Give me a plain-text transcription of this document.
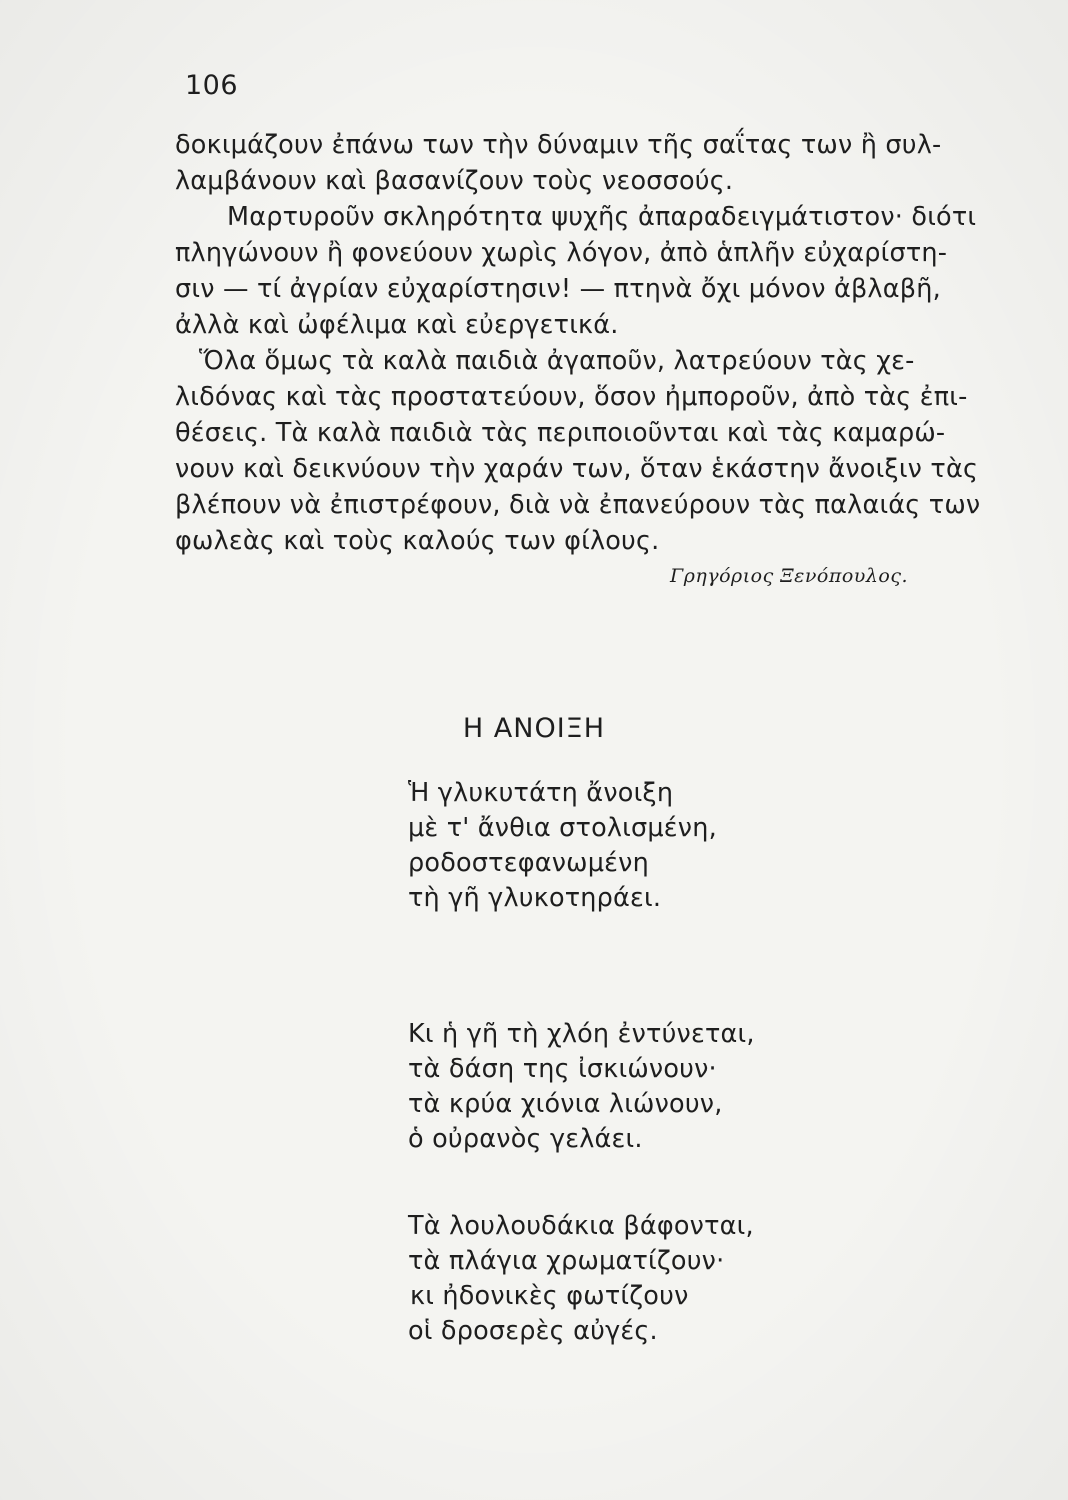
106

δοκιμάζουν ἐπάνω των τὴν δύναμιν τῆς σαΐτας των ἢ συλ-
λαμβάνουν καὶ βασανίζουν τοὺς νεοσσούς.

Μαρτυροῦν σκληρότητα ψυχῆς ἀπαραδειγμάτιστον· διότι
πληγώνουν ἢ φονεύουν χωρὶς λόγον, ἀπὸ ἁπλῆν εὐχαρίστη-
σιν — τί ἀγρίαν εὐχαρίστησιν! — πτηνὰ ὄχι μόνον ἀβλαβῆ,
ἀλλὰ καὶ ὠφέλιμα καὶ εὐεργετικά.

Ὅλα ὅμως τὰ καλὰ παιδιὰ ἀγαποῦν, λατρεύουν τὰς χε-
λιδόνας καὶ τὰς προστατεύουν, ὅσον ἠμποροῦν, ἀπὸ τὰς ἐπι-
θέσεις. Τὰ καλὰ παιδιὰ τὰς περιποιοῦνται καὶ τὰς καμαρώ-
νουν καὶ δεικνύουν τὴν χαράν των, ὅταν ἑκάστην ἄνοιξιν τὰς
βλέπουν νὰ ἐπιστρέφουν, διὰ νὰ ἐπανεύρουν τὰς παλαιάς των
φωλεὰς καὶ τοὺς καλούς των φίλους.

Γρηγόριος Ξενόπουλος.
Η ΑΝΟΙΞΗ
Ἡ γλυκυτάτη ἄνοιξη
μὲ τ' ἄνθια στολισμένη,
ροδοστεφανωμένη
τὴ γῆ γλυκοτηράει.
Κι ἡ γῆ τὴ χλόη ἐντύνεται,
τὰ δάση της ἰσκιώνουν·
τὰ κρύα χιόνια λιώνουν,
ὁ οὐρανὸς γελάει.
Τὰ λουλουδάκια βάφονται,
τὰ πλάγια χρωματίζουν·
κι ἠδονικὲς φωτίζουν
οἱ δροσερὲς αὐγές.
